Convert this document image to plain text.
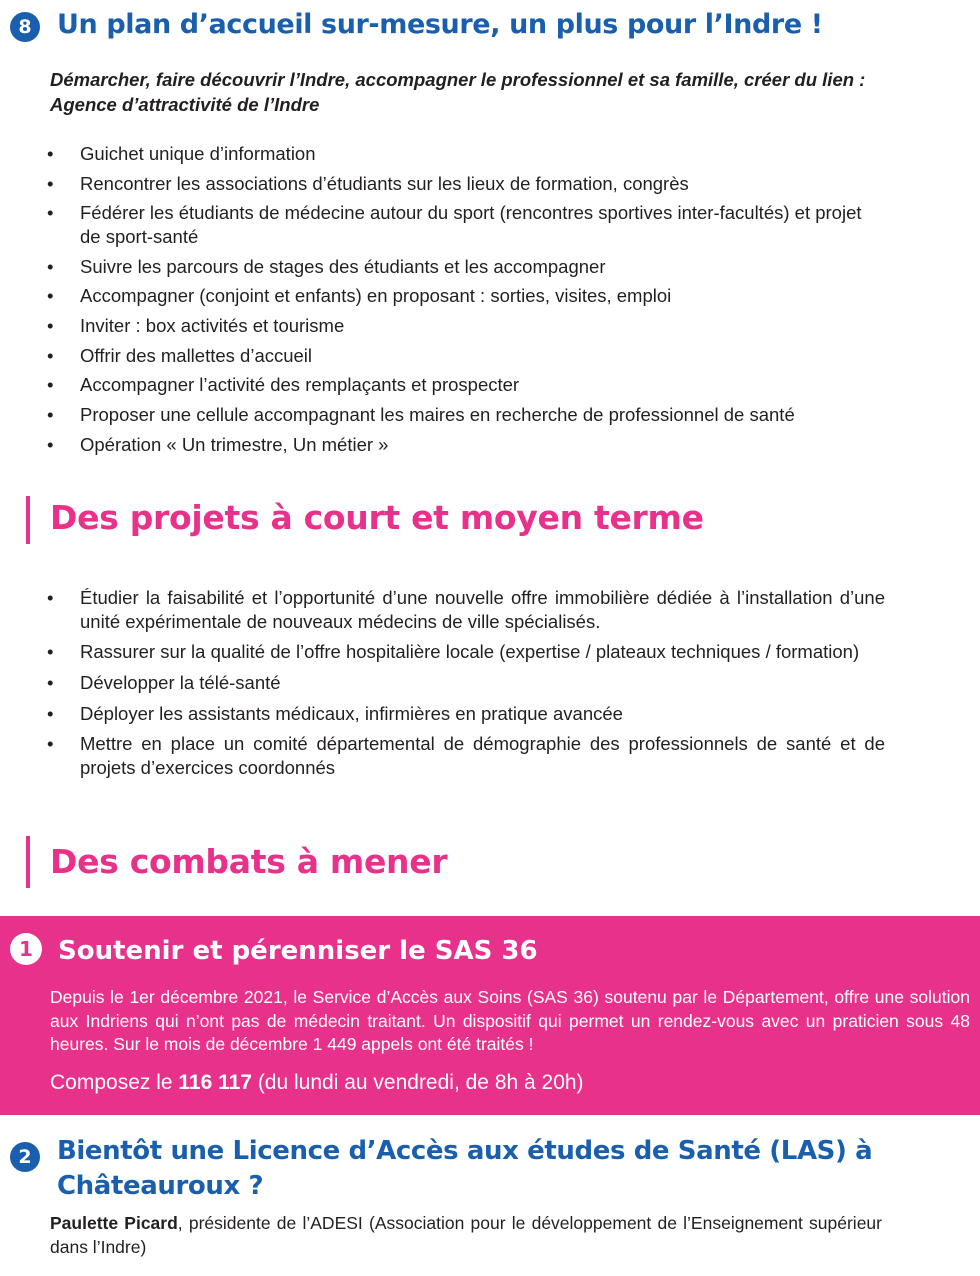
8 Un plan d’accueil sur-mesure, un plus pour l’Indre !
Démarcher, faire découvrir l’Indre, accompagner le professionnel et sa famille, créer du lien : Agence d’attractivité de l’Indre
• Guichet unique d’information
• Rencontrer les associations d’étudiants sur les lieux de formation, congrès
• Fédérer les étudiants de médecine autour du sport (rencontres sportives inter-facultés) et projet de sport-santé
• Suivre les parcours de stages des étudiants et les accompagner
• Accompagner (conjoint et enfants) en proposant : sorties, visites, emploi
• Inviter : box activités et tourisme
• Offrir des mallettes d’accueil
• Accompagner l’activité des remplaçants et prospecter
• Proposer une cellule accompagnant les maires en recherche de professionnel de santé
• Opération « Un trimestre, Un métier »
Des projets à court et moyen terme
• Étudier la faisabilité et l’opportunité d’une nouvelle offre immobilière dédiée à l’installation d’une unité expérimentale de nouveaux médecins de ville spécialisés.
• Rassurer sur la qualité de l’offre hospitalière locale (expertise / plateaux techniques / formation)
• Développer la télé-santé
• Déployer les assistants médicaux, infirmières en pratique avancée
• Mettre en place un comité départemental de démographie des professionnels de santé et de projets d’exercices coordonnés
Des combats à mener
1 Soutenir et pérenniser le SAS 36
Depuis le 1er décembre 2021, le Service d’Accès aux Soins (SAS 36) soutenu par le Département, offre une solution aux Indriens qui n’ont pas de médecin traitant. Un dispositif qui permet un rendez-vous avec un praticien sous 48 heures. Sur le mois de décembre 1 449 appels ont été traités !
Composez le 116 117 (du lundi au vendredi, de 8h à 20h)
2 Bientôt une Licence d’Accès aux études de Santé (LAS) à
Châteauroux ?
Paulette Picard, présidente de l’ADESI (Association pour le développement de l’Enseignement supérieur dans l’Indre)
